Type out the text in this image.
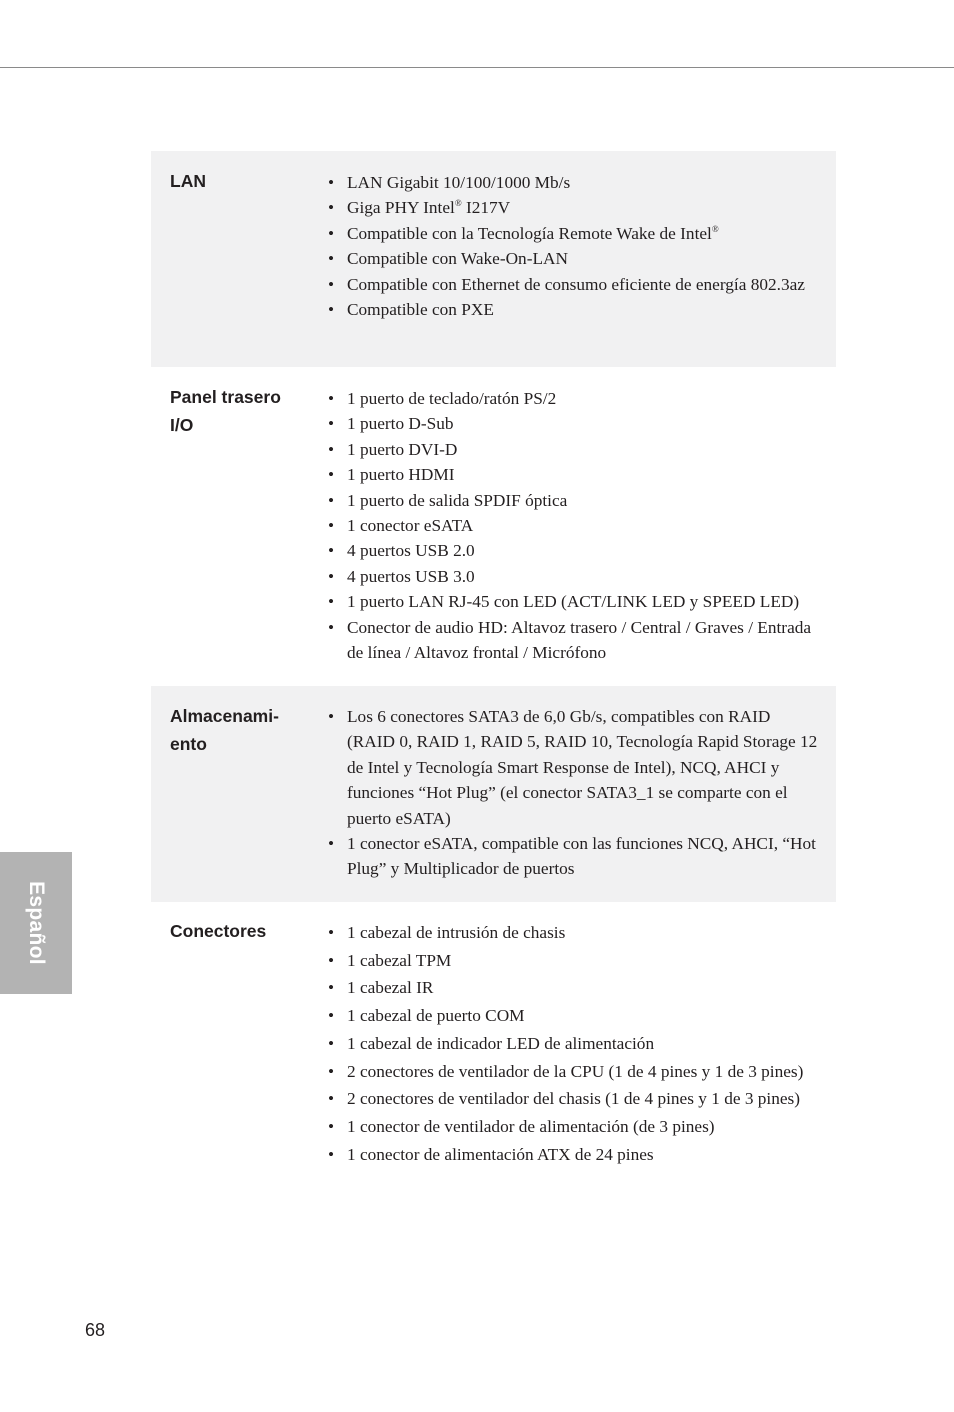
LAN	• LAN Gigabit 10/100/1000 Mb/s
• Giga PHY Intel® I217V
• Compatible con la Tecnología Remote Wake de Intel®
• Compatible con Wake-On-LAN
• Compatible con Ethernet de consumo eficiente de energía 802.3az
• Compatible con PXE
Panel trasero I/O
• 1 puerto de teclado/ratón PS/2
• 1 puerto D-Sub
• 1 puerto DVI-D
• 1 puerto HDMI
• 1 puerto de salida SPDIF óptica
• 1 conector eSATA
• 4 puertos USB 2.0
• 4 puertos USB 3.0
• 1 puerto LAN RJ-45 con LED (ACT/LINK LED y SPEED LED)
• Conector de audio HD: Altavoz trasero / Central / Graves / Entrada de línea / Altavoz frontal / Micrófono
Almacenami-ento
• Los 6 conectores SATA3 de 6,0 Gb/s, compatibles con RAID (RAID 0, RAID 1, RAID 5, RAID 10, Tecnología Rapid Storage 12 de Intel y Tecnología Smart Response de Intel), NCQ, AHCI y funciones “Hot Plug” (el conector SATA3_1 se comparte con el puerto eSATA)
• 1 conector eSATA, compatible con las funciones NCQ, AHCI, “Hot Plug” y Multiplicador de puertos
Conectores	• 1 cabezal de intrusión de chasis
• 1 cabezal TPM
• 1 cabezal IR
• 1 cabezal de puerto COM
• 1 cabezal de indicador LED de alimentación
• 2 conectores de ventilador de la CPU (1 de 4 pines y 1 de 3 pines)
• 2 conectores de ventilador del chasis (1 de 4 pines y 1 de 3 pines)
• 1 conector de ventilador de alimentación (de 3 pines)
• 1 conector de alimentación ATX de 24 pines
Español
68
